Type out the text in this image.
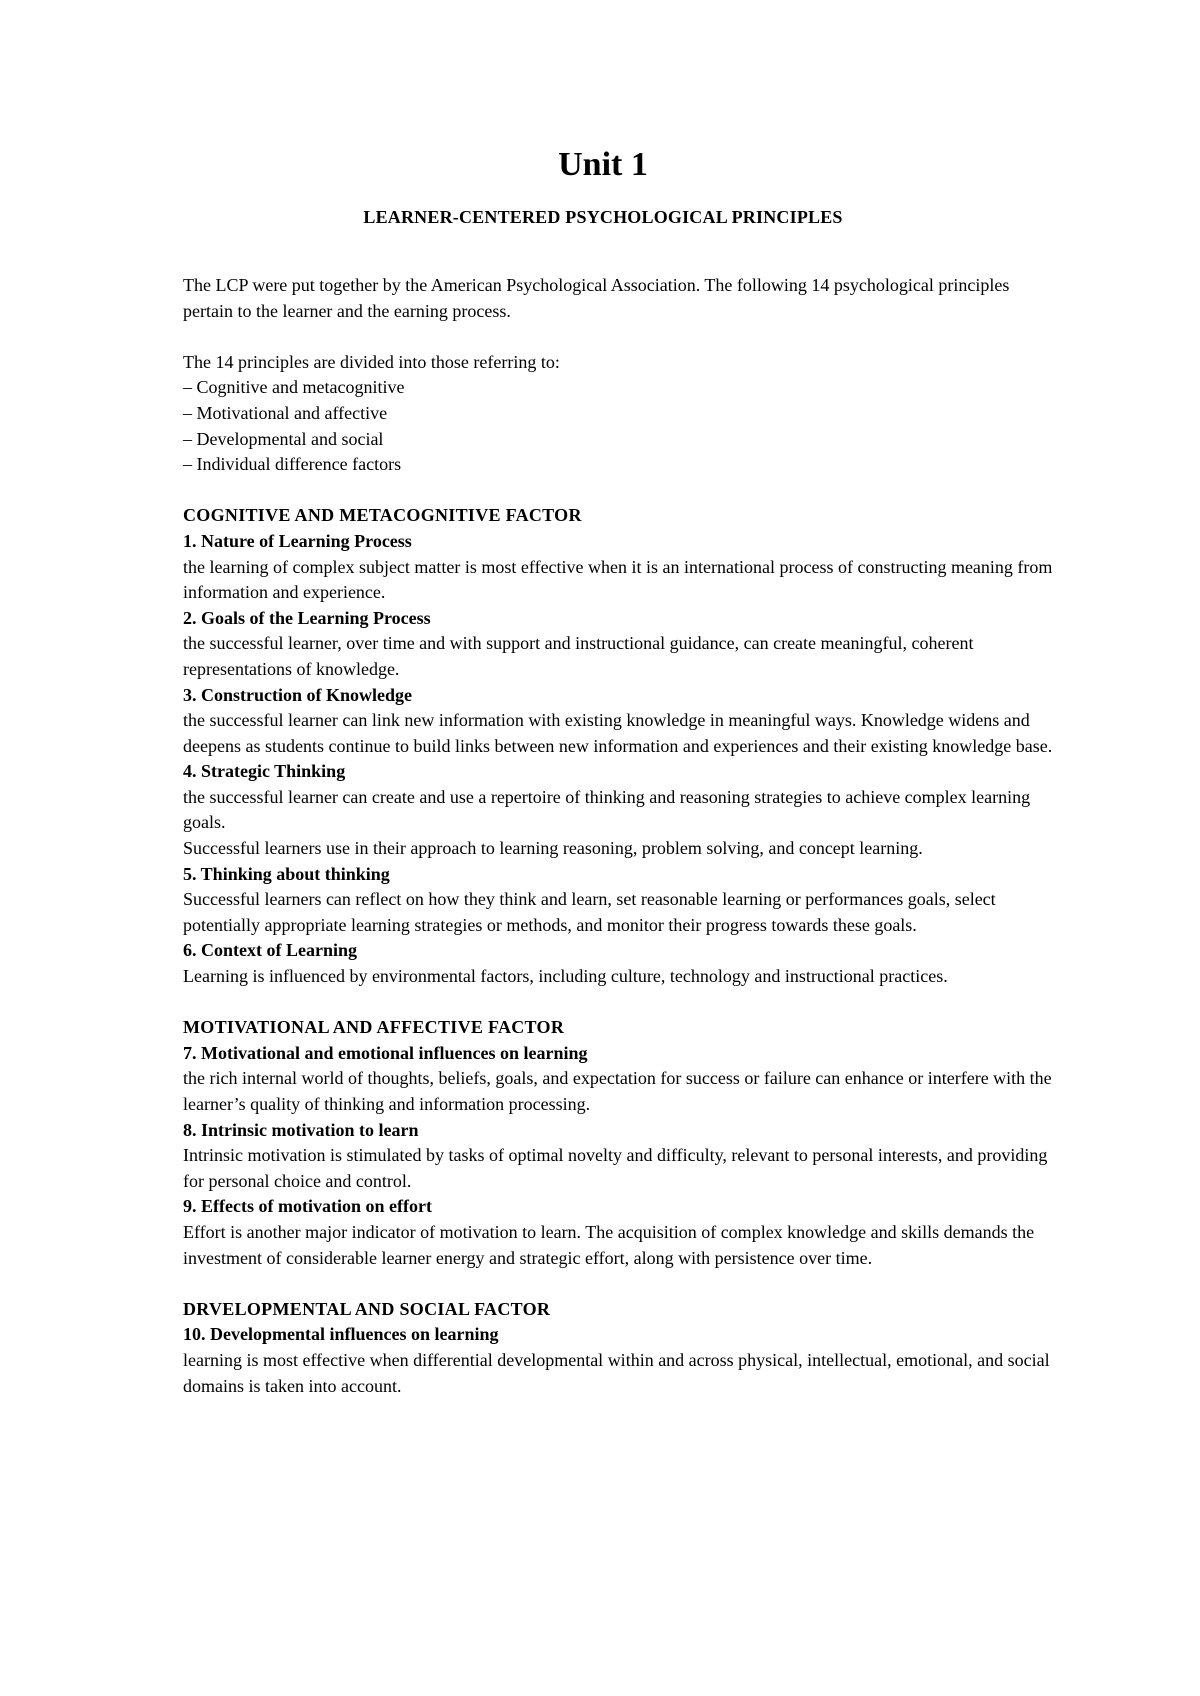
Unit 1
LEARNER-CENTERED PSYCHOLOGICAL PRINCIPLES

The LCP were put together by the American Psychological Association. The following 14 psychological principles pertain to the learner and the earning process.

The 14 principles are divided into those referring to:

– Cognitive and metacognitive

– Motivational and affective

– Developmental and social

– Individual difference factors

COGNITIVE AND METACOGNITIVE FACTOR

1. Nature of Learning Process

the learning of complex subject matter is most effective when it is an international process of constructing meaning from information and experience.

2. Goals of the Learning Process

the successful learner, over time and with support and instructional guidance, can create meaningful, coherent representations of knowledge.

3. Construction of Knowledge

the successful learner can link new information with existing knowledge in meaningful ways. Knowledge widens and deepens as students continue to build links between new information and experiences and their existing knowledge base.

4. Strategic Thinking

the successful learner can create and use a repertoire of thinking and reasoning strategies to achieve complex learning goals.

Successful learners use in their approach to learning reasoning, problem solving, and concept learning.

5. Thinking about thinking

Successful learners can reflect on how they think and learn, set reasonable learning or performances goals, select potentially appropriate learning strategies or methods, and monitor their progress towards these goals.

6. Context of Learning

Learning is influenced by environmental factors, including culture, technology and instructional practices.

MOTIVATIONAL AND AFFECTIVE FACTOR

7. Motivational and emotional influences on learning

the rich internal world of thoughts, beliefs, goals, and expectation for success or failure can enhance or interfere with the learner’s quality of thinking and information processing.

8. Intrinsic motivation to learn

Intrinsic motivation is stimulated by tasks of optimal novelty and difficulty, relevant to personal interests, and providing for personal choice and control.

9. Effects of motivation on effort

Effort is another major indicator of motivation to learn. The acquisition of complex knowledge and skills demands the investment of considerable learner energy and strategic effort, along with persistence over time.

DRVELOPMENTAL AND SOCIAL FACTOR

10. Developmental influences on learning

learning is most effective when differential developmental within and across physical, intellectual, emotional, and social domains is taken into account.
